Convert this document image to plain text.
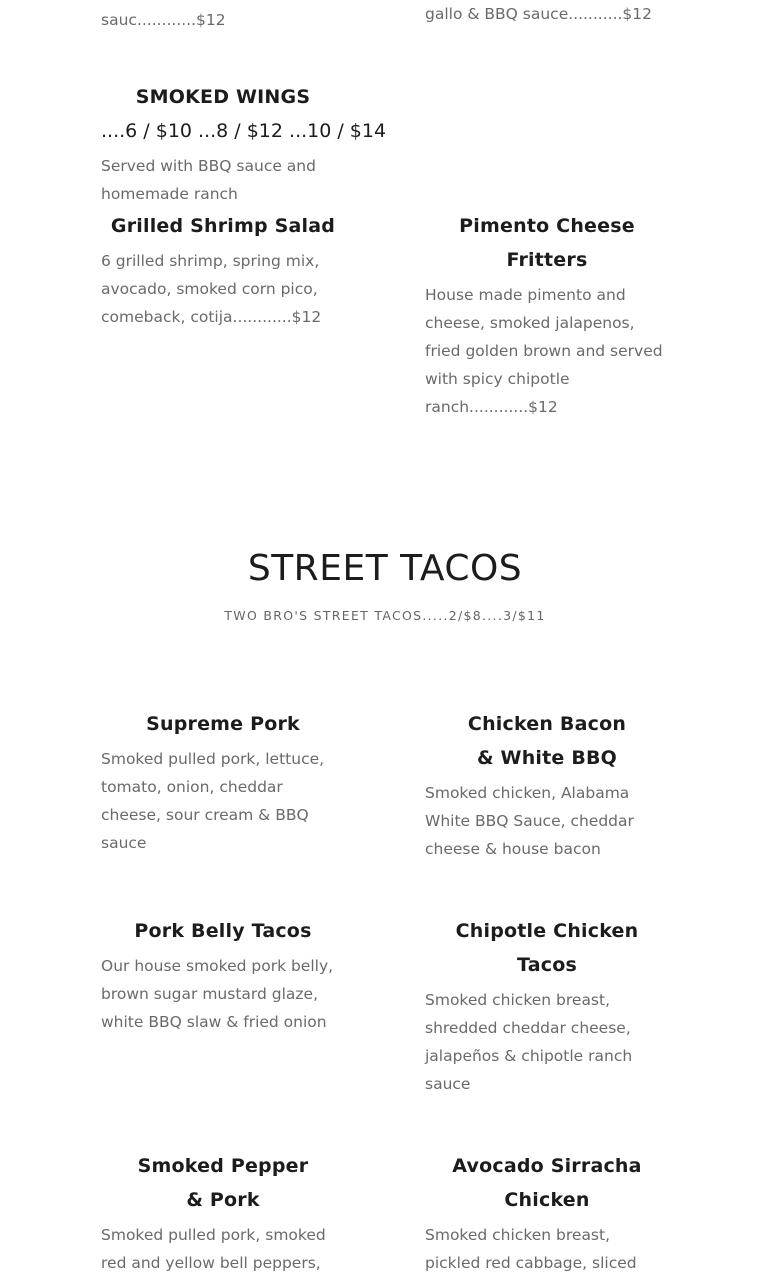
sauc............$12	gallo & BBQ sauce...........$12
SMOKED WINGS
....6 / $10 ...8 / $12 ...10 / $14
Served with BBQ sauce and homemade ranch
Grilled Shrimp Salad
6 grilled shrimp, spring mix, avocado, smoked corn pico, comeback, cotija............$12
Pimento Cheese Fritters
House made pimento and cheese, smoked jalapenos, fried golden brown and served with spicy chipotle ranch............$12
STREET TACOS
TWO BRO'S STREET TACOS.....2/$8....3/$11
Supreme Pork
Smoked pulled pork, lettuce, tomato, onion, cheddar cheese, sour cream & BBQ sauce
Chicken Bacon & White BBQ
Smoked chicken, Alabama White BBQ Sauce, cheddar cheese & house bacon
Pork Belly Tacos
Our house smoked pork belly, brown sugar mustard glaze, white BBQ slaw & fried onion
Chipotle Chicken Tacos
Smoked chicken breast, shredded cheddar cheese, jalapeños & chipotle ranch sauce
Smoked Pepper & Pork
Smoked pulled pork, smoked red and yellow bell peppers,
Avocado Sirracha Chicken
Smoked chicken breast, pickled red cabbage, sliced
